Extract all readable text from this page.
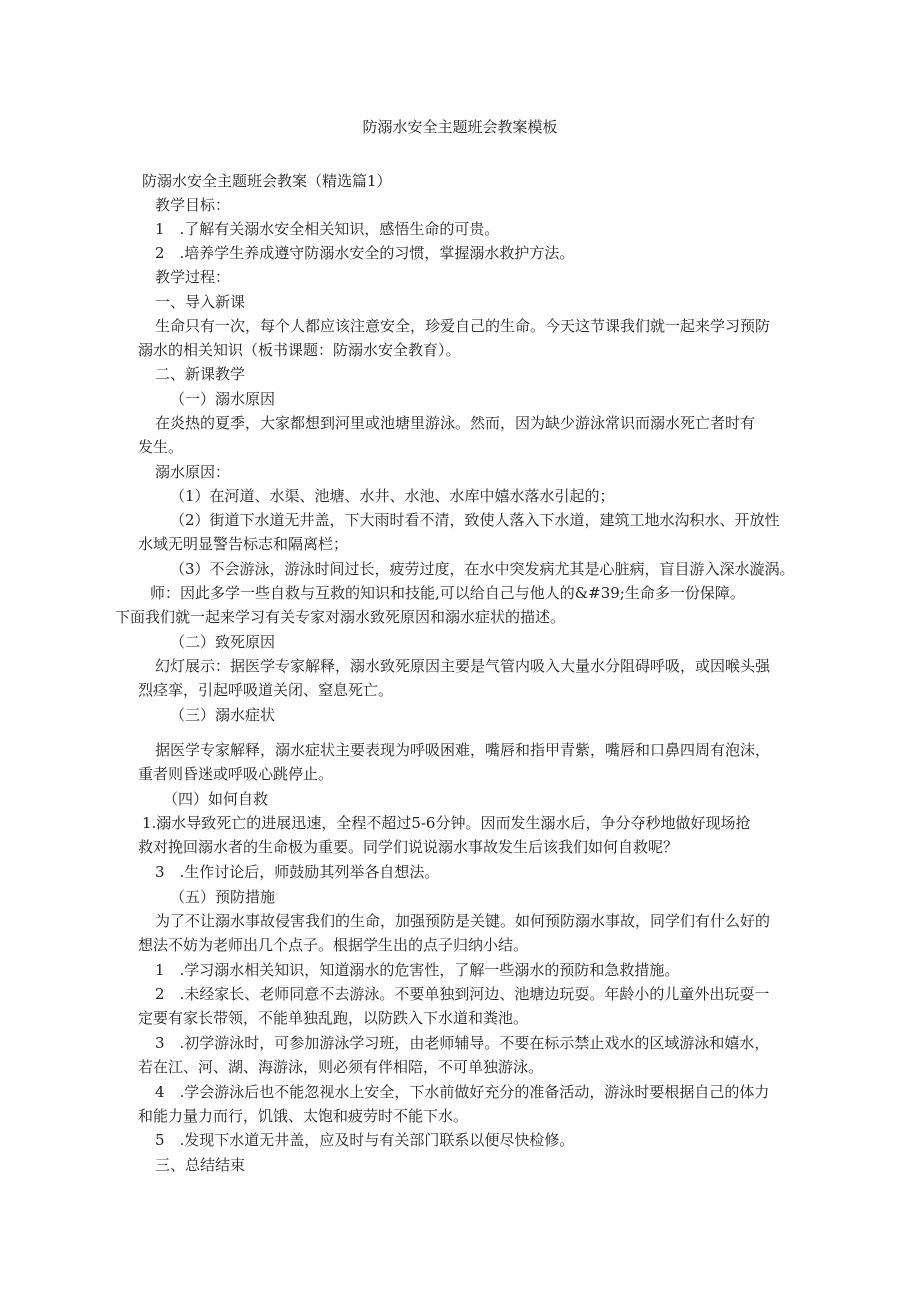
防溺水安全主题班会教案模板
防溺水安全主题班会教案（精选篇1）
教学目标：
1　.了解有关溺水安全相关知识，感悟生命的可贵。
2　.培养学生养成遵守防溺水安全的习惯，掌握溺水救护方法。
教学过程：
一、导入新课
生命只有一次，每个人都应该注意安全，珍爱自己的生命。今天这节课我们就一起来学习预防
溺水的相关知识（板书课题：防溺水安全教育）。
二、新课教学
（一）溺水原因
在炎热的夏季，大家都想到河里或池塘里游泳。然而，因为缺少游泳常识而溺水死亡者时有
发生。
溺水原因：
（1）在河道、水渠、池塘、水井、水池、水库中嬉水落水引起的；
（2）街道下水道无井盖，下大雨时看不清，致使人落入下水道，建筑工地水沟积水、开放性
水域无明显警告标志和隔离栏；
（3）不会游泳，游泳时间过长，疲劳过度，在水中突发病尤其是心脏病，盲目游入深水漩涡。
师：因此多学一些自救与互救的知识和技能,可以给自己与他人的&#39;生命多一份保障。
下面我们就一起来学习有关专家对溺水致死原因和溺水症状的描述。
（二）致死原因
幻灯展示：据医学专家解释，溺水致死原因主要是气管内吸入大量水分阻碍呼吸，或因喉头强
烈痉挛，引起呼吸道关闭、窒息死亡。
（三）溺水症状
据医学专家解释，溺水症状主要表现为呼吸困难，嘴唇和指甲青紫，嘴唇和口鼻四周有泡沫，
重者则昏迷或呼吸心跳停止。
（四）如何自救
1.溺水导致死亡的进展迅速，全程不超过5-6分钟。因而发生溺水后，争分夺秒地做好现场抢
救对挽回溺水者的生命极为重要。同学们说说溺水事故发生后该我们如何自救呢？
3　.生作讨论后，师鼓励其列举各自想法。
（五）预防措施
为了不让溺水事故侵害我们的生命，加强预防是关键。如何预防溺水事故，同学们有什么好的
想法不妨为老师出几个点子。根据学生出的点子归纳小结。
1　.学习溺水相关知识，知道溺水的危害性，了解一些溺水的预防和急救措施。
2　.未经家长、老师同意不去游泳。不要单独到河边、池塘边玩耍。年龄小的儿童外出玩耍一
定要有家长带领，不能单独乱跑，以防跌入下水道和粪池。
3　.初学游泳时，可参加游泳学习班，由老师辅导。不要在标示禁止戏水的区域游泳和嬉水，
若在江、河、湖、海游泳，则必须有伴相陪，不可单独游泳。
4　.学会游泳后也不能忽视水上安全，下水前做好充分的准备活动，游泳时要根据自己的体力
和能力量力而行，饥饿、太饱和疲劳时不能下水。
5　.发现下水道无井盖，应及时与有关部门联系以便尽快检修。
三、总结结束
